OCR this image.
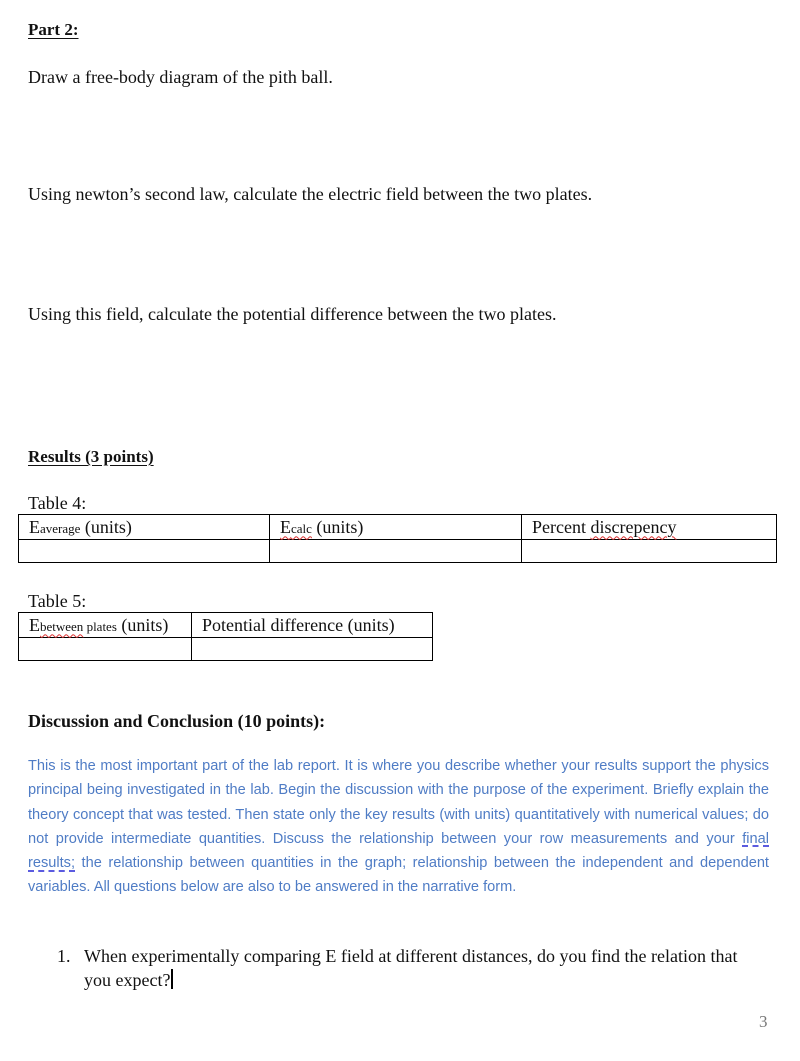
Part 2:
Draw a free-body diagram of the pith ball.
Using newton’s second law, calculate the electric field between the two plates.
Using this field, calculate the potential difference between the two plates.
Results (3 points)
Table 4:
Eaverage (units)	Ecalc (units)	Percent discrepency

Table 5:
Ebetween plates (units)	Potential difference (units)

Discussion and Conclusion (10 points):
This is the most important part of the lab report. It is where you describe whether your results support the physics principal being investigated in the lab. Begin the discussion with the purpose of the experiment. Briefly explain the theory concept that was tested. Then state only the key results (with units) quantitatively with numerical values; do not provide intermediate quantities. Discuss the relationship between your row measurements and your final results; the relationship between quantities in the graph; relationship between the independent and dependent variables. All questions below are also to be answered in the narrative form.
1. When experimentally comparing E field at different distances, do you find the relation that you expect?
3
